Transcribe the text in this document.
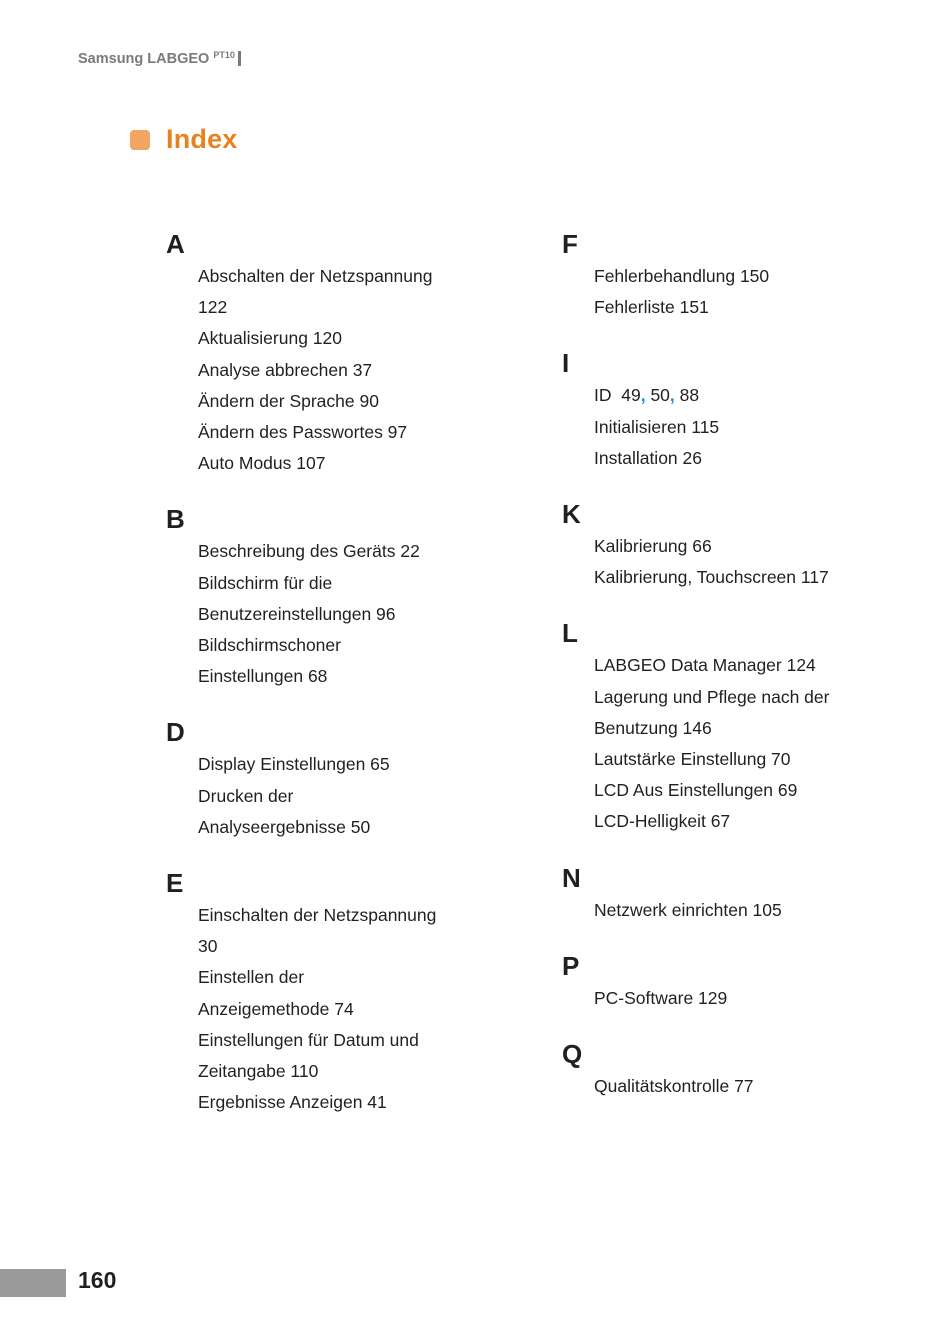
Samsung LABGEO PT10
Index
A
Abschalten der Netzspannung
122
Aktualisierung 120
Analyse abbrechen 37
Ändern der Sprache 90
Ändern des Passwortes 97
Auto Modus 107
B
Beschreibung des Geräts 22
Bildschirm für die
Benutzereinstellungen 96
Bildschirmschoner
Einstellungen 68
D
Display Einstellungen 65
Drucken der
Analyseergebnisse 50
E
Einschalten der Netzspannung
30
Einstellen der
Anzeigemethode 74
Einstellungen für Datum und
Zeitangabe 110
Ergebnisse Anzeigen 41
F
Fehlerbehandlung 150
Fehlerliste 151
I
ID 49, 50, 88
Initialisieren 115
Installation 26
K
Kalibrierung 66
Kalibrierung, Touchscreen 117
L
LABGEO Data Manager 124
Lagerung und Pflege nach der
Benutzung 146
Lautstärke Einstellung 70
LCD Aus Einstellungen 69
LCD-Helligkeit 67
N
Netzwerk einrichten 105
P
PC-Software 129
Q
Qualitätskontrolle 77
160
